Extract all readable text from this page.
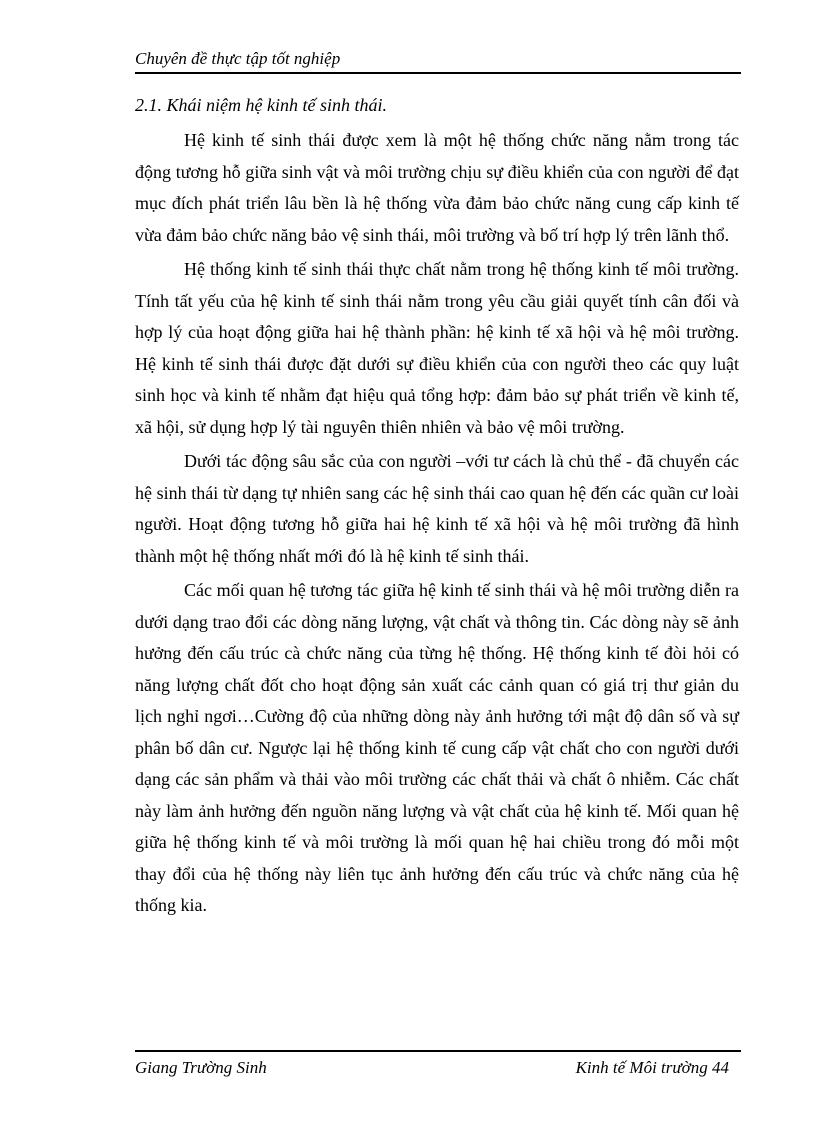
Chuyên đề thực tập tốt nghiệp
2.1. Khái niệm hệ kinh tế sinh thái.

Hệ kinh tế sinh thái được xem là một hệ thống chức năng nằm trong tác động tương hỗ giữa sinh vật và môi trường chịu sự điều khiển của con người để đạt mục đích phát triển lâu bền là hệ thống vừa đảm bảo chức năng cung cấp kinh tế vừa đảm bảo chức năng bảo vệ sinh thái, môi trường và bố trí hợp lý trên lãnh thổ.

Hệ thống kinh tế sinh thái thực chất nằm trong hệ thống kinh tế môi trường. Tính tất yếu của hệ kinh tế sinh thái nằm trong yêu cầu giải quyết tính cân đối và hợp lý của hoạt động giữa hai hệ thành phần: hệ kinh tế xã hội và hệ môi trường. Hệ kinh tế sinh thái được đặt dưới sự điều khiển của con người theo các quy luật sinh học và kinh tế nhằm đạt hiệu quả tổng hợp: đảm bảo sự phát triển về kinh tế, xã hội, sử dụng hợp lý tài nguyên thiên nhiên và bảo vệ môi trường.

Dưới tác động sâu sắc của con người –với tư cách là chủ thể - đã chuyển các hệ sinh thái từ dạng tự nhiên sang các hệ sinh thái cao quan hệ đến các quần cư loài người. Hoạt động tương hỗ giữa hai hệ kinh tế xã hội và hệ môi trường đã hình thành một hệ thống nhất mới đó là hệ kinh tế sinh thái.

Các mối quan hệ tương tác giữa hệ kinh tế sinh thái và hệ môi trường diễn ra dưới dạng trao đổi các dòng năng lượng, vật chất và thông tin. Các dòng này sẽ ảnh hưởng đến cấu trúc cà chức năng của từng hệ thống. Hệ thống kinh tế đòi hỏi có năng lượng chất đốt cho hoạt động sản xuất các cảnh quan có giá trị thư giản du lịch nghỉ ngơi…Cường độ của những dòng này ảnh hưởng tới mật độ dân số và sự phân bố dân cư. Ngược lại hệ thống kinh tế cung cấp vật chất cho con người dưới dạng các sản phẩm và thải vào môi trường các chất thải và chất ô nhiễm. Các chất này làm ảnh hưởng đến nguồn năng lượng và vật chất của hệ kinh tế. Mối quan hệ giữa hệ thống kinh tế và môi trường là mối quan hệ hai chiều trong đó mỗi một thay đổi của hệ thống này liên tục ảnh hưởng đến cấu trúc và chức năng của hệ thống kia.

Giang Trường Sinh	Kinh tế Môi trường 44
